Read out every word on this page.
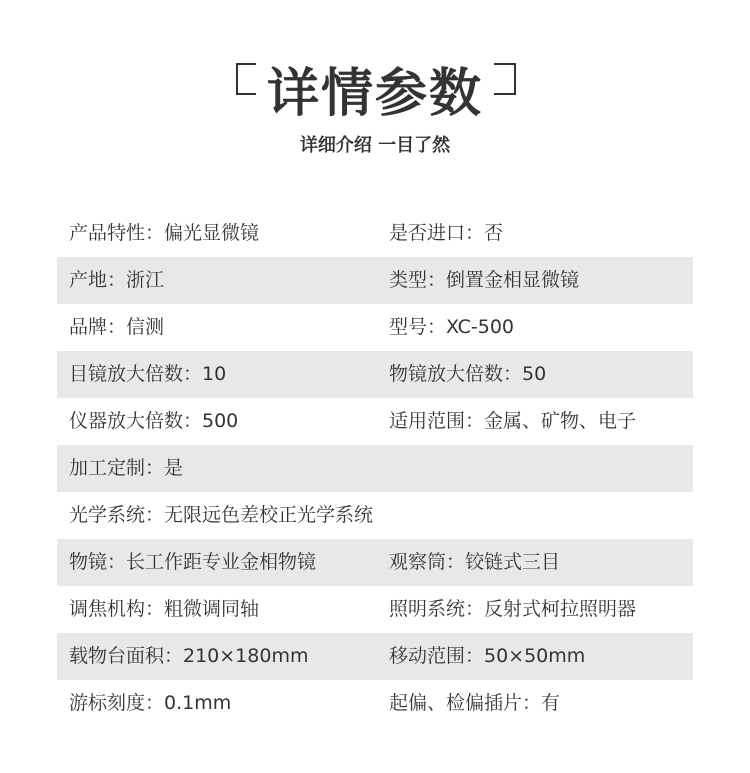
详情参数
详细介绍 一目了然
产品特性：偏光显微镜	是否进口：否
产地：浙江	类型：倒置金相显微镜
品牌：信测	型号：XC-500
目镜放大倍数：10	物镜放大倍数：50
仪器放大倍数：500	适用范围：金属、矿物、电子
加工定制：是
光学系统：无限远色差校正光学系统
物镜：长工作距专业金相物镜	观察筒：铰链式三目
调焦机构：粗微调同轴	照明系统：反射式柯拉照明器
载物台面积：210×180mm	移动范围：50×50mm
游标刻度：0.1mm	起偏、检偏插片：有
